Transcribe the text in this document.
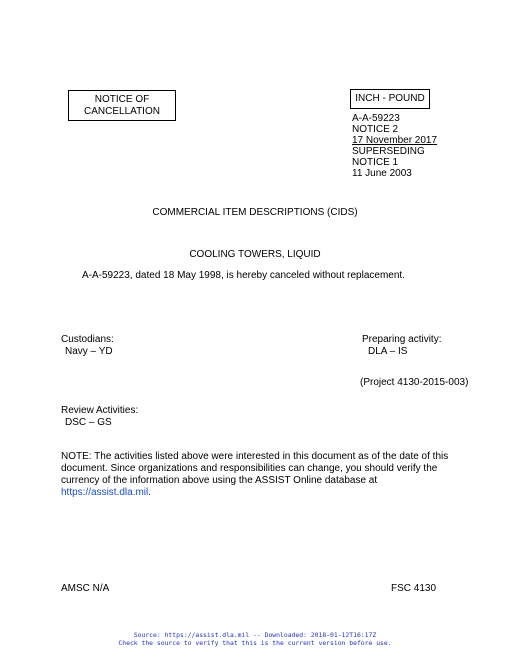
NOTICE OF
CANCELLATION
INCH - POUND
A-A-59223
NOTICE 2
17 November 2017
SUPERSEDING
NOTICE 1
11 June 2003
COMMERCIAL ITEM DESCRIPTIONS (CIDS)
COOLING TOWERS, LIQUID
A-A-59223, dated 18 May 1998, is hereby canceled without replacement.
Custodians:
Navy – YD
Preparing activity:
DLA – IS
(Project 4130-2015-003)
Review Activities:
DSC – GS
NOTE: The activities listed above were interested in this document as of the date of this document. Since organizations and responsibilities can change, you should verify the currency of the information above using the ASSIST Online database at https://assist.dla.mil.
AMSC N/A	FSC 4130
Source: https://assist.dla.mil -- Downloaded: 2018-01-12T16:17Z
Check the source to verify that this is the current version before use.
